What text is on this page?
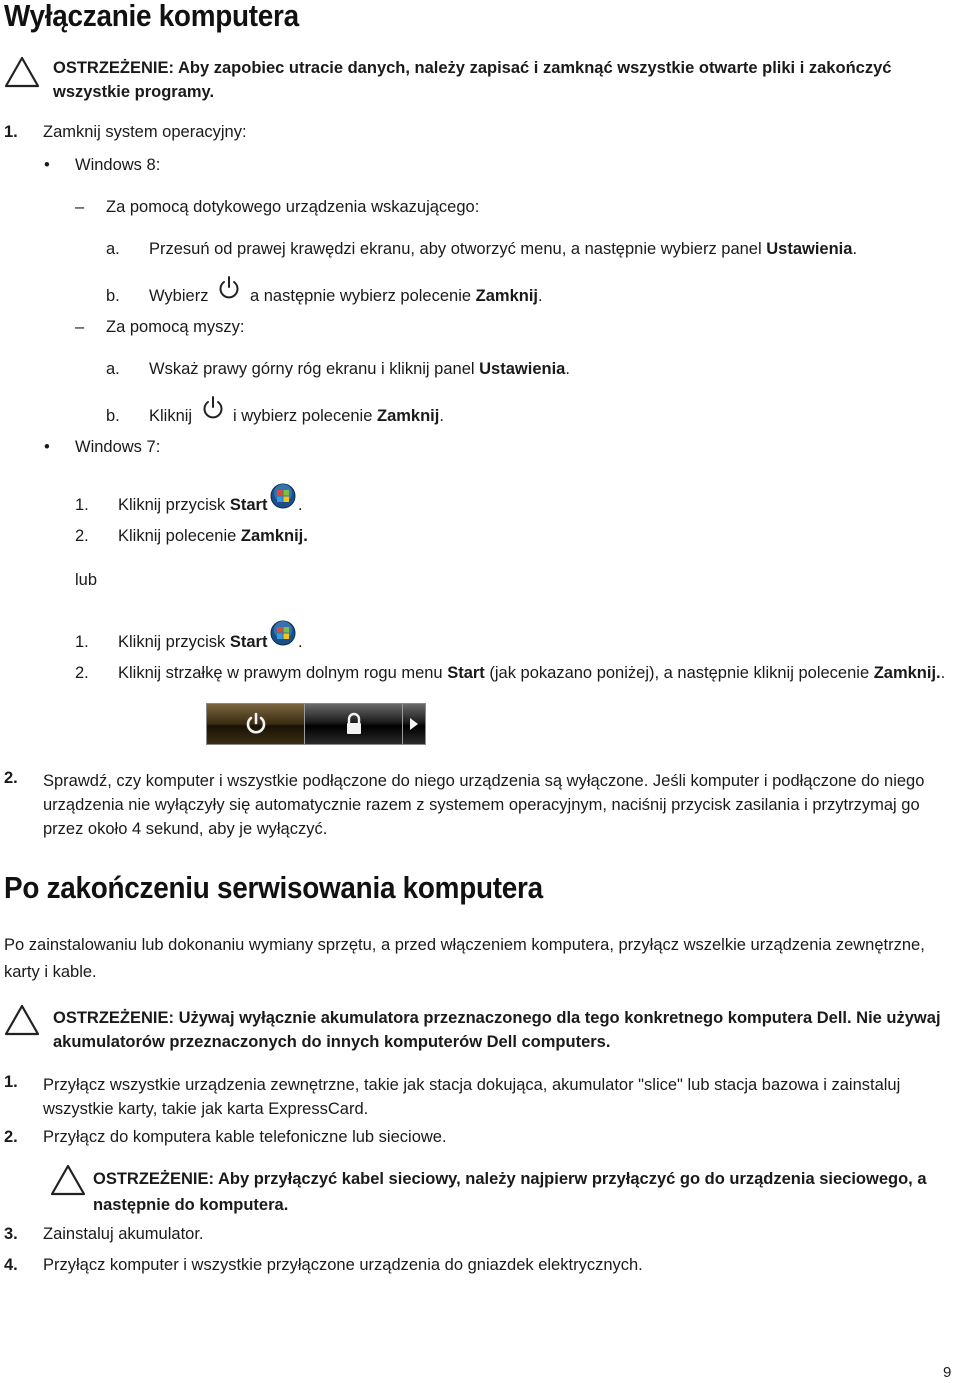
Wyłączanie komputera
OSTRZEŻENIE: Aby zapobiec utracie danych, należy zapisać i zamknąć wszystkie otwarte pliki i zakończyć wszystkie programy.
1. Zamknij system operacyjny:
• Windows 8:
– Za pomocą dotykowego urządzenia wskazującego:
a. Przesuń od prawej krawędzi ekranu, aby otworzyć menu, a następnie wybierz panel Ustawienia.
b. Wybierz	a następnie wybierz polecenie Zamknij.
– Za pomocą myszy:
a. Wskaż prawy górny róg ekranu i kliknij panel Ustawienia.
b. Kliknij i wybierz polecenie Zamknij.
• Windows 7:
1. Kliknij przycisk Start .
2. Kliknij polecenie Zamknij.
lub
1. Kliknij przycisk Start .
2. Kliknij strzałkę w prawym dolnym rogu menu Start (jak pokazano poniżej), a następnie kliknij polecenie Zamknij..
2. Sprawdź, czy komputer i wszystkie podłączone do niego urządzenia są wyłączone. Jeśli komputer i podłączone do niego urządzenia nie wyłączyły się automatycznie razem z systemem operacyjnym, naciśnij przycisk zasilania i przytrzymaj go przez około 4 sekund, aby je wyłączyć.
Po zakończeniu serwisowania komputera
Po zainstalowaniu lub dokonaniu wymiany sprzętu, a przed włączeniem komputera, przyłącz wszelkie urządzenia zewnętrzne, karty i kable.
OSTRZEŻENIE: Używaj wyłącznie akumulatora przeznaczonego dla tego konkretnego komputera Dell. Nie używaj akumulatorów przeznaczonych do innych komputerów Dell computers.
1. Przyłącz wszystkie urządzenia zewnętrzne, takie jak stacja dokująca, akumulator "slice" lub stacja bazowa i zainstaluj wszystkie karty, takie jak karta ExpressCard.
2. Przyłącz do komputera kable telefoniczne lub sieciowe.
OSTRZEŻENIE: Aby przyłączyć kabel sieciowy, należy najpierw przyłączyć go do urządzenia sieciowego, a następnie do komputera.
3. Zainstaluj akumulator.
4. Przyłącz komputer i wszystkie przyłączone urządzenia do gniazdek elektrycznych.
9
